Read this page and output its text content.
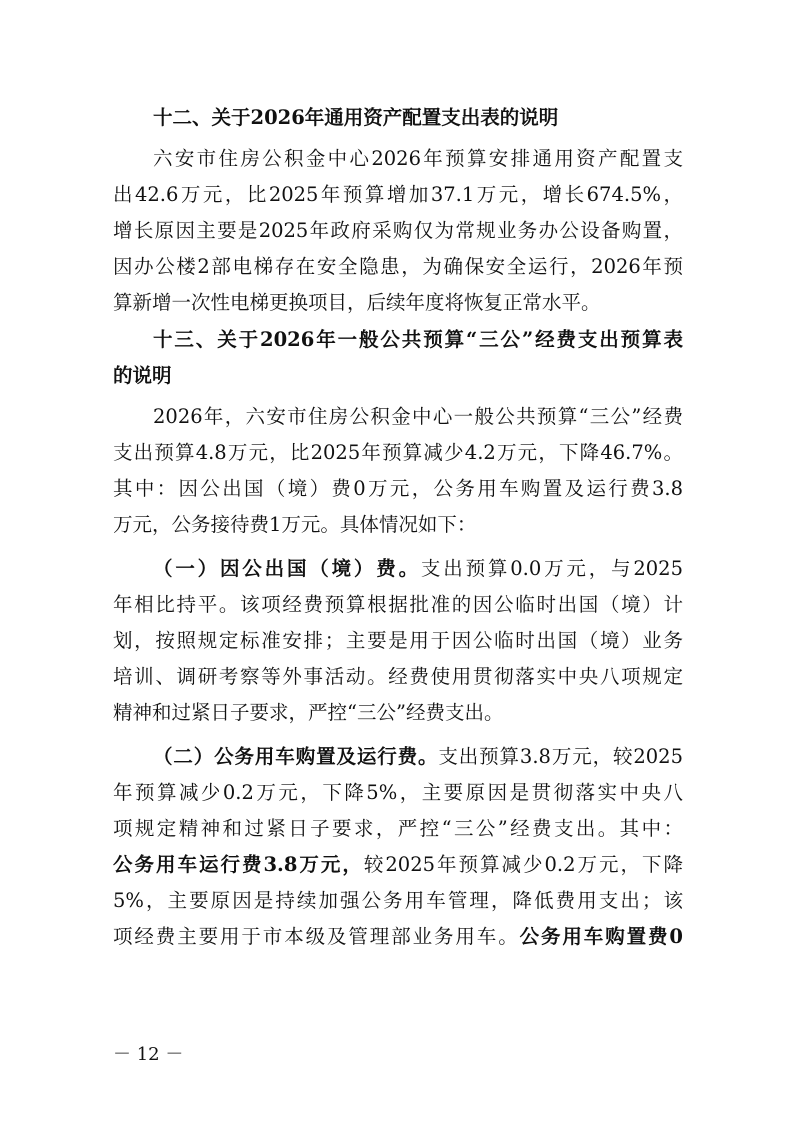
十二、关于2026年通用资产配置支出表的说明
六安市住房公积金中心2026年预算安排通用资产配置支
出42.6万元，比2025年预算增加37.1万元，增长674.5%，
增长原因主要是2025年政府采购仅为常规业务办公设备购置，
因办公楼2部电梯存在安全隐患，为确保安全运行，2026年预
算新增一次性电梯更换项目，后续年度将恢复正常水平。
十三、关于2026年一般公共预算“三公”经费支出预算表
的说明
2026年，六安市住房公积金中心一般公共预算“三公”经费
支出预算4.8万元，比2025年预算减少4.2万元，下降46.7%。
其中：因公出国（境）费0万元，公务用车购置及运行费3.8
万元，公务接待费1万元。具体情况如下：
（一）因公出国（境）费。支出预算0.0万元，与2025
年相比持平。该项经费预算根据批准的因公临时出国（境）计
划，按照规定标准安排；主要是用于因公临时出国（境）业务
培训、调研考察等外事活动。经费使用贯彻落实中央八项规定
精神和过紧日子要求，严控“三公”经费支出。
（二）公务用车购置及运行费。支出预算3.8万元，较2025
年预算减少0.2万元，下降5%，主要原因是贯彻落实中央八
项规定精神和过紧日子要求，严控“三公”经费支出。其中：
公务用车运行费3.8万元，较2025年预算减少0.2万元，下降
5%，主要原因是持续加强公务用车管理，降低费用支出；该
项经费主要用于市本级及管理部业务用车。公务用车购置费0
－ 12 －
